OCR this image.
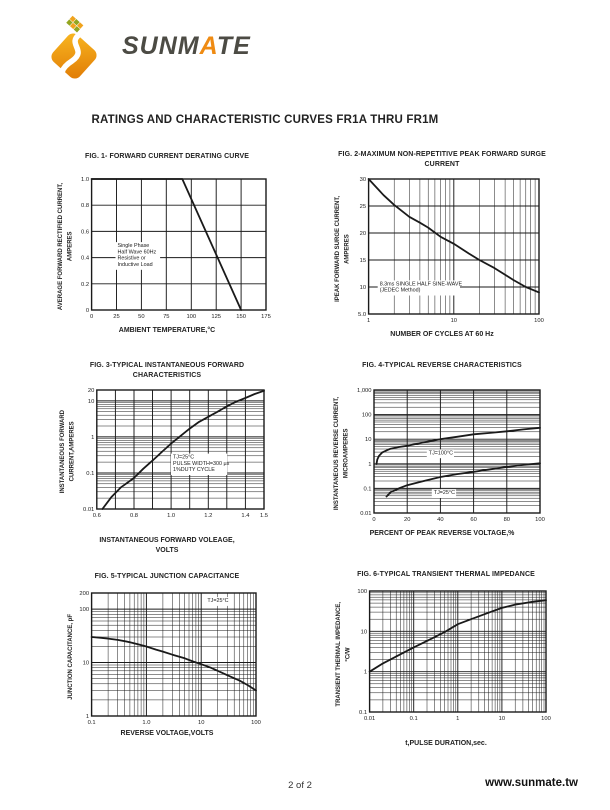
SUNMATE
RATINGS AND CHARACTERISTIC CURVES FR1A THRU FR1M
FIG. 1- FORWARD CURRENT DERATING CURVE
AVERAGE FORWARD RECTIFIED CURRENT, AMPERES	Single Phase
Half Wave 60Hz
Resistive or
Inductive Load
0	25	50	75	100	125	150	175
0
0.2
0.4
0.6
0.8
1.0
AMBIENT TEMPERATURE,°C
FIG. 2-MAXIMUM NON-REPETITIVE PEAK FORWARD SURGE CURRENT
IPEAK FORWARD SURGE CURRENT, AMPERES
8.3ms SINGLE HALF SINE-WAVE
(JEDEC Method)
1	10	100
5.0
10
15
20
25
30
NUMBER OF CYCLES AT 60 Hz
FIG. 3-TYPICAL INSTANTANEOUS FORWARD CHARACTERISTICS
INSTANTANEOUS FORWARD CURRENT,AMPERES	TJ=25°C
PULSE WIDTH=300 μs
1%DUTY CYCLE
0.6	0.8	1.0	1.2	1.4 1.5
0.01
0.1
1
10
20
INSTANTANEOUS FORWARD VOLEAGE,
VOLTS
FIG. 4-TYPICAL REVERSE CHARACTERISTICS
INSTANTANEOUS REVERSE CURRENT, MICROAMPERES	TJ=100°C
TJ=25°C
0	20	40	60	80	100
0.01
0.1
1
10
100
1,000
PERCENT OF PEAK REVERSE VOLTAGE,%
FIG. 5-TYPICAL JUNCTION CAPACITANCE
JUNCTION CAPACITANCE, pF
TJ=25°C
0.1	1.0	10	100
1
10
100
200
REVERSE VOLTAGE,VOLTS
FIG. 6-TYPICAL TRANSIENT THERMAL IMPEDANCE
TRANSIENT THERMAL IMPEDANCE, °C/W
0.01	0.1	1	10	100
0.1
1
10
100
t,PULSE DURATION,sec.
2 of 2	www.sunmate.tw
